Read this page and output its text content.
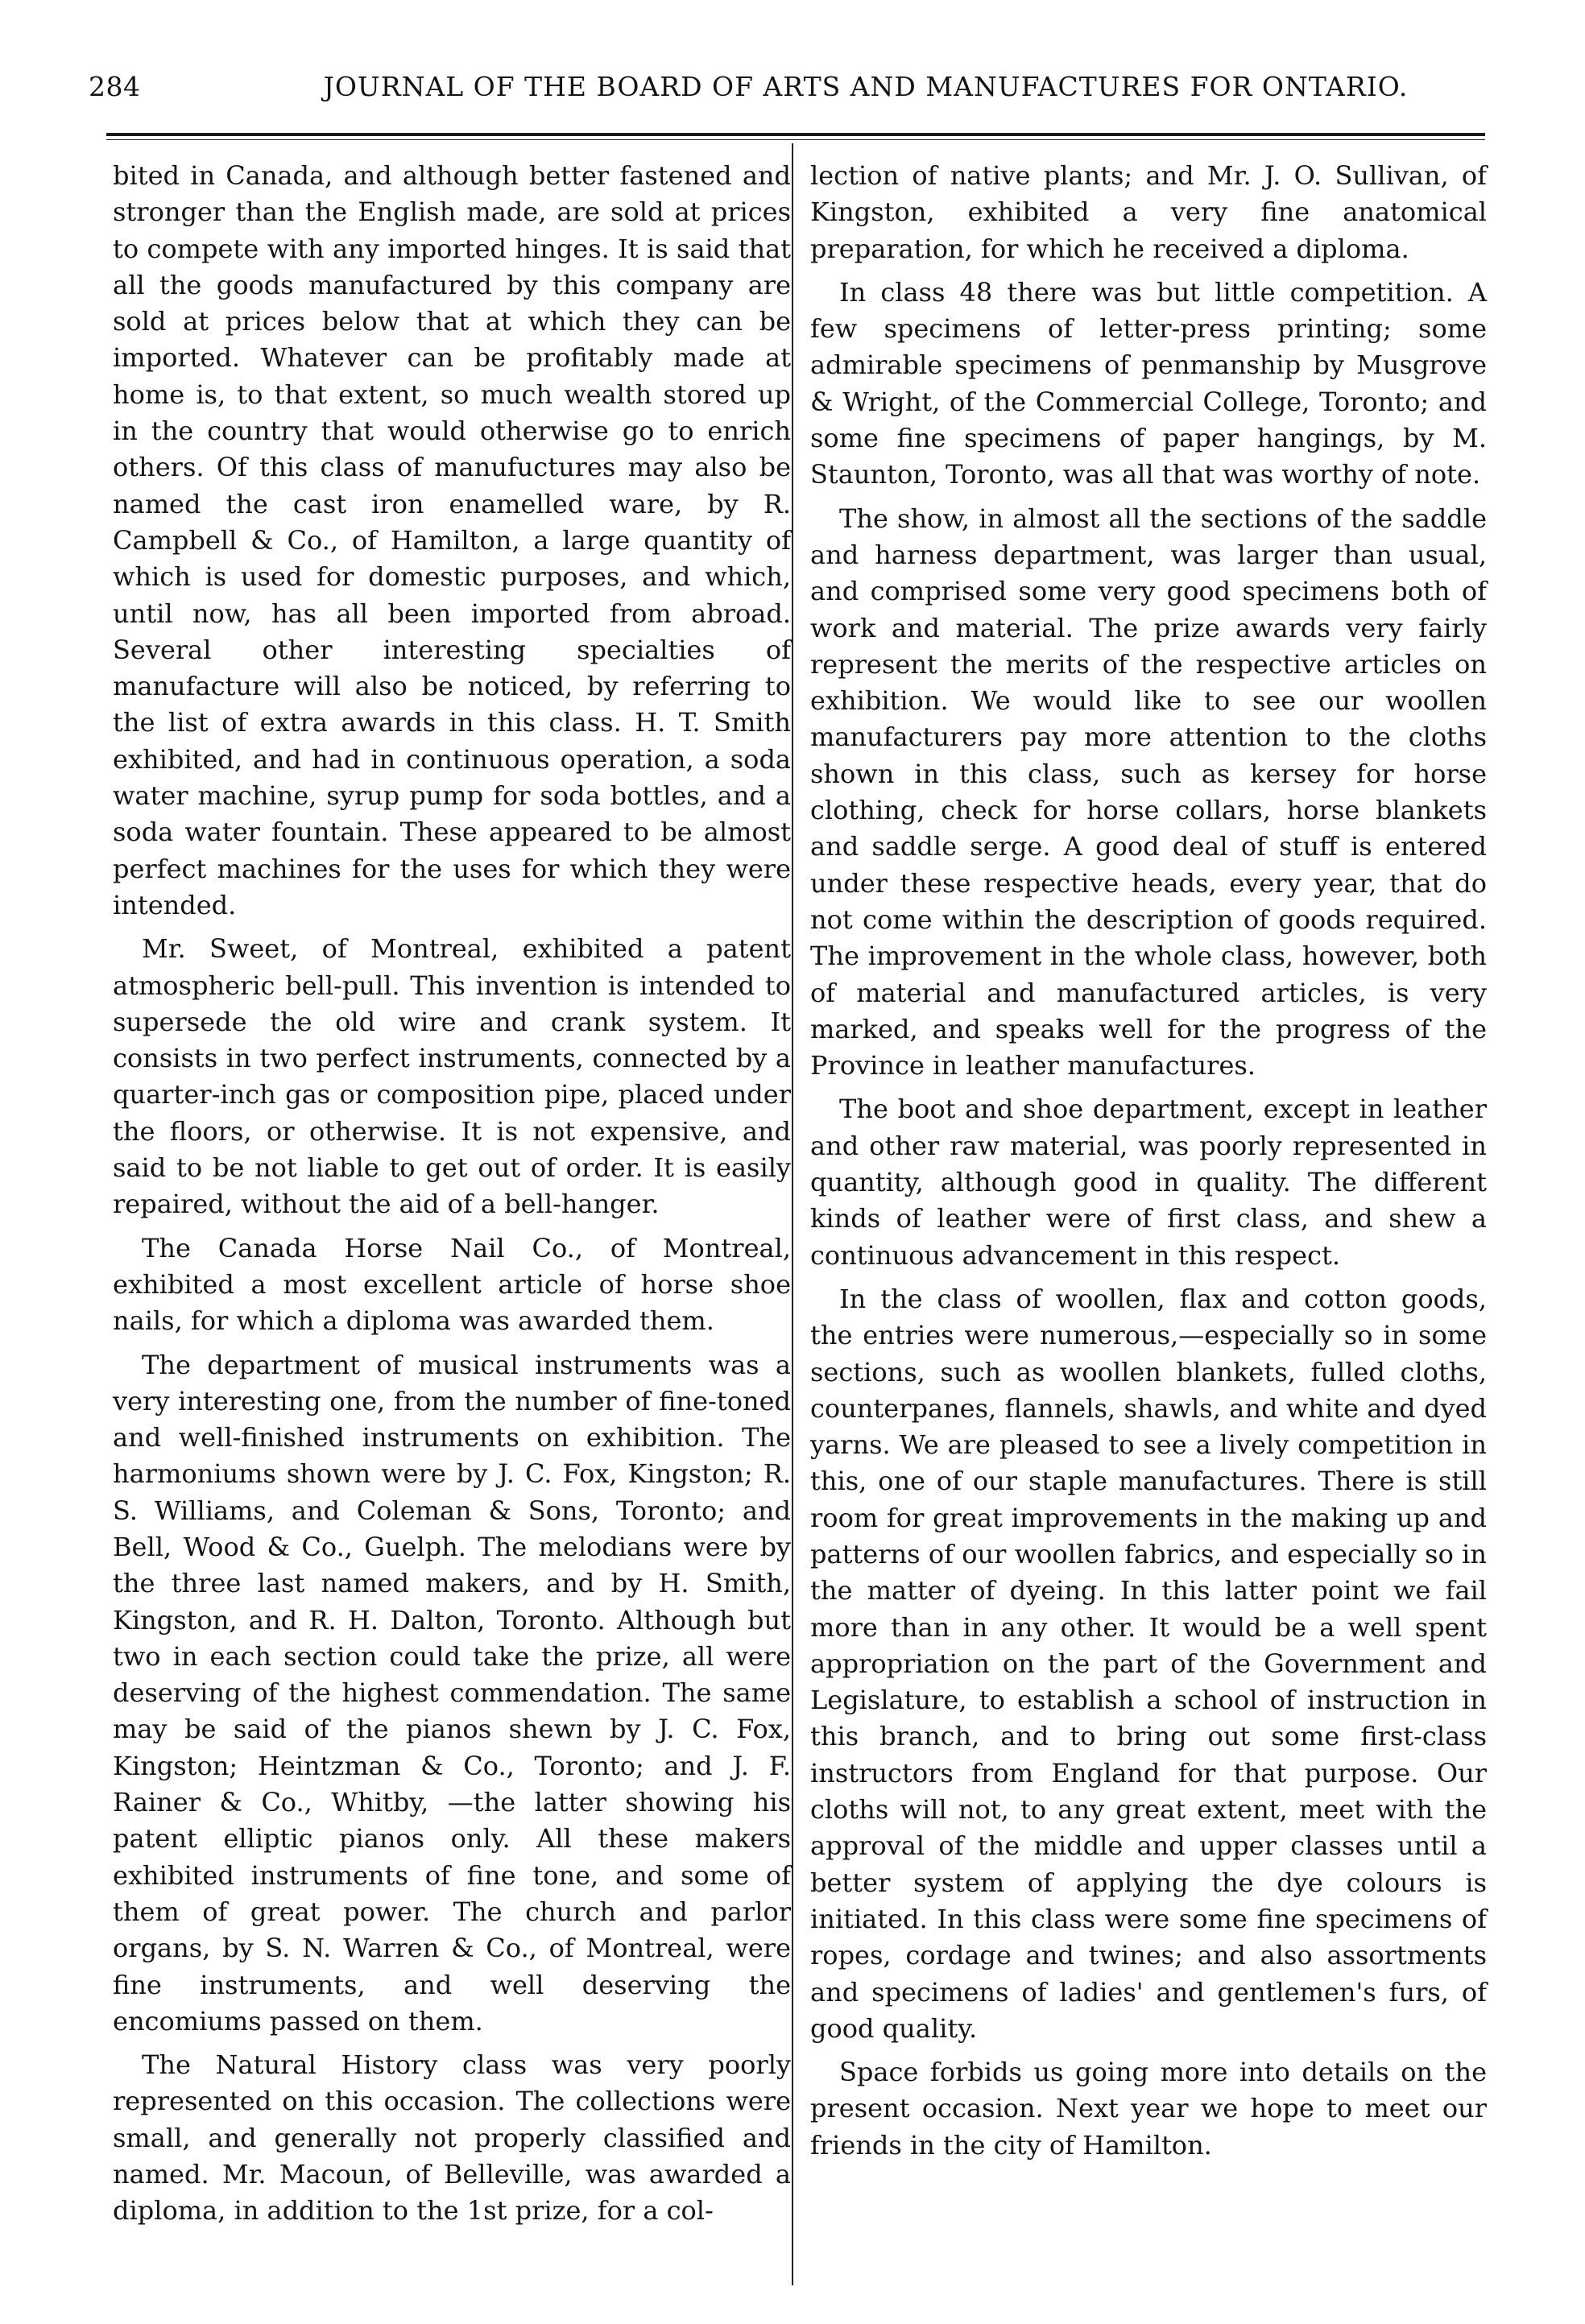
284	JOURNAL OF THE BOARD OF ARTS AND MANUFACTURES FOR ONTARIO.

bited in Canada, and although better fastened and stronger than the English made, are sold at prices to compete with any imported hinges. It is said that all the goods manufactured by this company are sold at prices below that at which they can be imported. Whatever can be profitably made at home is, to that extent, so much wealth stored up in the country that would otherwise go to enrich others. Of this class of manufuctures may also be named the cast iron enamelled ware, by R. Campbell & Co., of Hamilton, a large quantity of which is used for domestic purposes, and which, until now, has all been imported from abroad. Several other interesting specialties of manufacture will also be noticed, by referring to the list of extra awards in this class. H. T. Smith exhibited, and had in continuous operation, a soda water machine, syrup pump for soda bottles, and a soda water fountain. These appeared to be almost perfect machines for the uses for which they were intended.

Mr. Sweet, of Montreal, exhibited a patent atmospheric bell-pull. This invention is intended to supersede the old wire and crank system. It consists in two perfect instruments, connected by a quarter-inch gas or composition pipe, placed under the floors, or otherwise. It is not expensive, and said to be not liable to get out of order. It is easily repaired, without the aid of a bell-hanger.

The Canada Horse Nail Co., of Montreal, exhibited a most excellent article of horse shoe nails, for which a diploma was awarded them.

The department of musical instruments was a very interesting one, from the number of fine-toned and well-finished instruments on exhibition. The harmoniums shown were by J. C. Fox, Kingston; R. S. Williams, and Coleman & Sons, Toronto; and Bell, Wood & Co., Guelph. The melodians were by the three last named makers, and by H. Smith, Kingston, and R. H. Dalton, Toronto. Although but two in each section could take the prize, all were deserving of the highest commendation. The same may be said of the pianos shewn by J. C. Fox, Kingston; Heintzman & Co., Toronto; and J. F. Rainer & Co., Whitby, —the latter showing his patent elliptic pianos only. All these makers exhibited instruments of fine tone, and some of them of great power. The church and parlor organs, by S. N. Warren & Co., of Montreal, were fine instruments, and well deserving the encomiums passed on them.

The Natural History class was very poorly represented on this occasion. The collections were small, and generally not properly classified and named. Mr. Macoun, of Belleville, was awarded a diploma, in addition to the 1st prize, for a col-

lection of native plants; and Mr. J. O. Sullivan, of Kingston, exhibited a very fine anatomical preparation, for which he received a diploma.

In class 48 there was but little competition. A few specimens of letter-press printing; some admirable specimens of penmanship by Musgrove & Wright, of the Commercial College, Toronto; and some fine specimens of paper hangings, by M. Staunton, Toronto, was all that was worthy of note.

The show, in almost all the sections of the saddle and harness department, was larger than usual, and comprised some very good specimens both of work and material. The prize awards very fairly represent the merits of the respective articles on exhibition. We would like to see our woollen manufacturers pay more attention to the cloths shown in this class, such as kersey for horse clothing, check for horse collars, horse blankets and saddle serge. A good deal of stuff is entered under these respective heads, every year, that do not come within the description of goods required. The improvement in the whole class, however, both of material and manufactured articles, is very marked, and speaks well for the progress of the Province in leather manufactures.

The boot and shoe department, except in leather and other raw material, was poorly represented in quantity, although good in quality. The different kinds of leather were of first class, and shew a continuous advancement in this respect.

In the class of woollen, flax and cotton goods, the entries were numerous,—especially so in some sections, such as woollen blankets, fulled cloths, counterpanes, flannels, shawls, and white and dyed yarns. We are pleased to see a lively competition in this, one of our staple manufactures. There is still room for great improvements in the making up and patterns of our woollen fabrics, and especially so in the matter of dyeing. In this latter point we fail more than in any other. It would be a well spent appropriation on the part of the Government and Legislature, to establish a school of instruction in this branch, and to bring out some first-class instructors from England for that purpose. Our cloths will not, to any great extent, meet with the approval of the middle and upper classes until a better system of applying the dye colours is initiated. In this class were some fine specimens of ropes, cordage and twines; and also assortments and specimens of ladies' and gentlemen's furs, of good quality.

Space forbids us going more into details on the present occasion. Next year we hope to meet our friends in the city of Hamilton.
